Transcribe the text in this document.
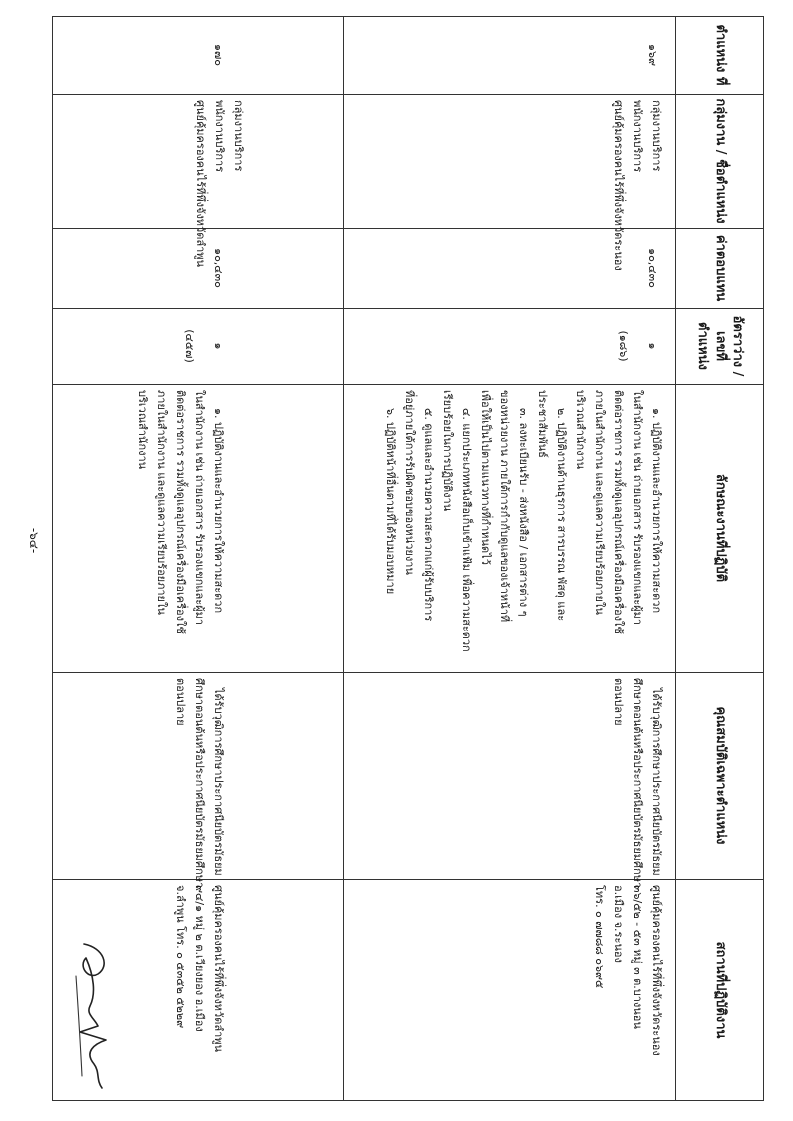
-๖๔-
ตำแหน่ง ที่
กลุ่มงาน / ชื่อตำแหน่ง
ค่าตอบแทน
อัตราว่าง / เลขที่ตำแหน่ง
ลักษณะงานที่ปฏิบัติ
คุณสมบัติเฉพาะตำแหน่ง
สถานที่ปฏิบัติงาน
๑๖๙
กลุ่มงานบริการ
พนักงานบริการ
ศูนย์คุ้มครองคนไร้ที่พึ่งจังหวัดระนอง ๑๐,๔๓๐
๑
(๑๘๖)
๑. ปฏิบัติงานและอำนวยการให้ความสะดวก
ในสำนักงาน เช่น ถ่ายเอกสาร รับรองแขกและผู้มา
ติดต่อราชการ รวมทั้งดูแลอุปกรณ์เครื่องมือเครื่องใช้
ภายในสำนักงาน และดูแลความเรียบร้อยภายใน
บริเวณสำนักงาน
๒. ปฏิบัติงานด้านธุรการ สารบรรณ พัสดุ และ
ประชาสัมพันธ์
๓. ลงทะเบียนรับ - ส่งหนังสือ / เอกสารต่าง ๆ
ของหน่วยงาน ภายใต้การกำกับดูแลของเจ้าหน้าที่
เพื่อให้เป็นไปตามแนวทางที่กำหนดไว้
๔. แยกประเภทหนังสือเก็บเข้าแฟ้ม เพื่อความสะดวก
เรียบร้อยในการปฏิบัติงาน
๕. ดูแลและอำนวยความสะดวกแก่ผู้รับบริการ
ที่อยู่ภายใต้การรับผิดชอบของหน่วยงาน
๖. ปฏิบัติหน้าที่อื่นตามที่ได้รับมอบหมาย
ได้รับวุฒิการศึกษาประกาศนียบัตรมัธยม
ศึกษาตอนต้นหรือประกาศนียบัตรมัธยมศึกษา
ตอนปลาย
ศูนย์คุ้มครองคนไร้ที่พึ่งจังหวัดระนอง
๓๖/๕๒ - ๕๓ หมู่ ๓ ต.บางนอน
อ.เมือง จ.ระนอง
โทร. ๐ ๗๗๘๘ ๐๖๙๕
๑๗๐
กลุ่มงานบริการ
พนักงานบริการ
ศูนย์คุ้มครองคนไร้ที่พึ่งจังหวัดลำพูน
๑๐,๔๓๐
๑
(๔๕๗)
๑. ปฏิบัติงานและอำนวยการให้ความสะดวก
ในสำนักงาน เช่น ถ่ายเอกสาร รับรองแขกและผู้มา
ติดต่อราชการ รวมทั้งดูแลอุปกรณ์เครื่องมือเครื่องใช้
ภายในสำนักงาน และดูแลความเรียบร้อยภายใน
บริเวณสำนักงาน
ได้รับวุฒิการศึกษาประกาศนียบัตรมัธยม
ศึกษาตอนต้นหรือประกาศนียบัตรมัธยมศึกษา
ตอนปลาย
ศูนย์คุ้มครองคนไร้ที่พึ่งจังหวัดลำพูน
๙๔/๑ หมู่ ๒ ต.เวียงยอง อ.เมือง
จ.ลำพูน โทร. ๐ ๕๓๕๒ ๕๒๒๙
